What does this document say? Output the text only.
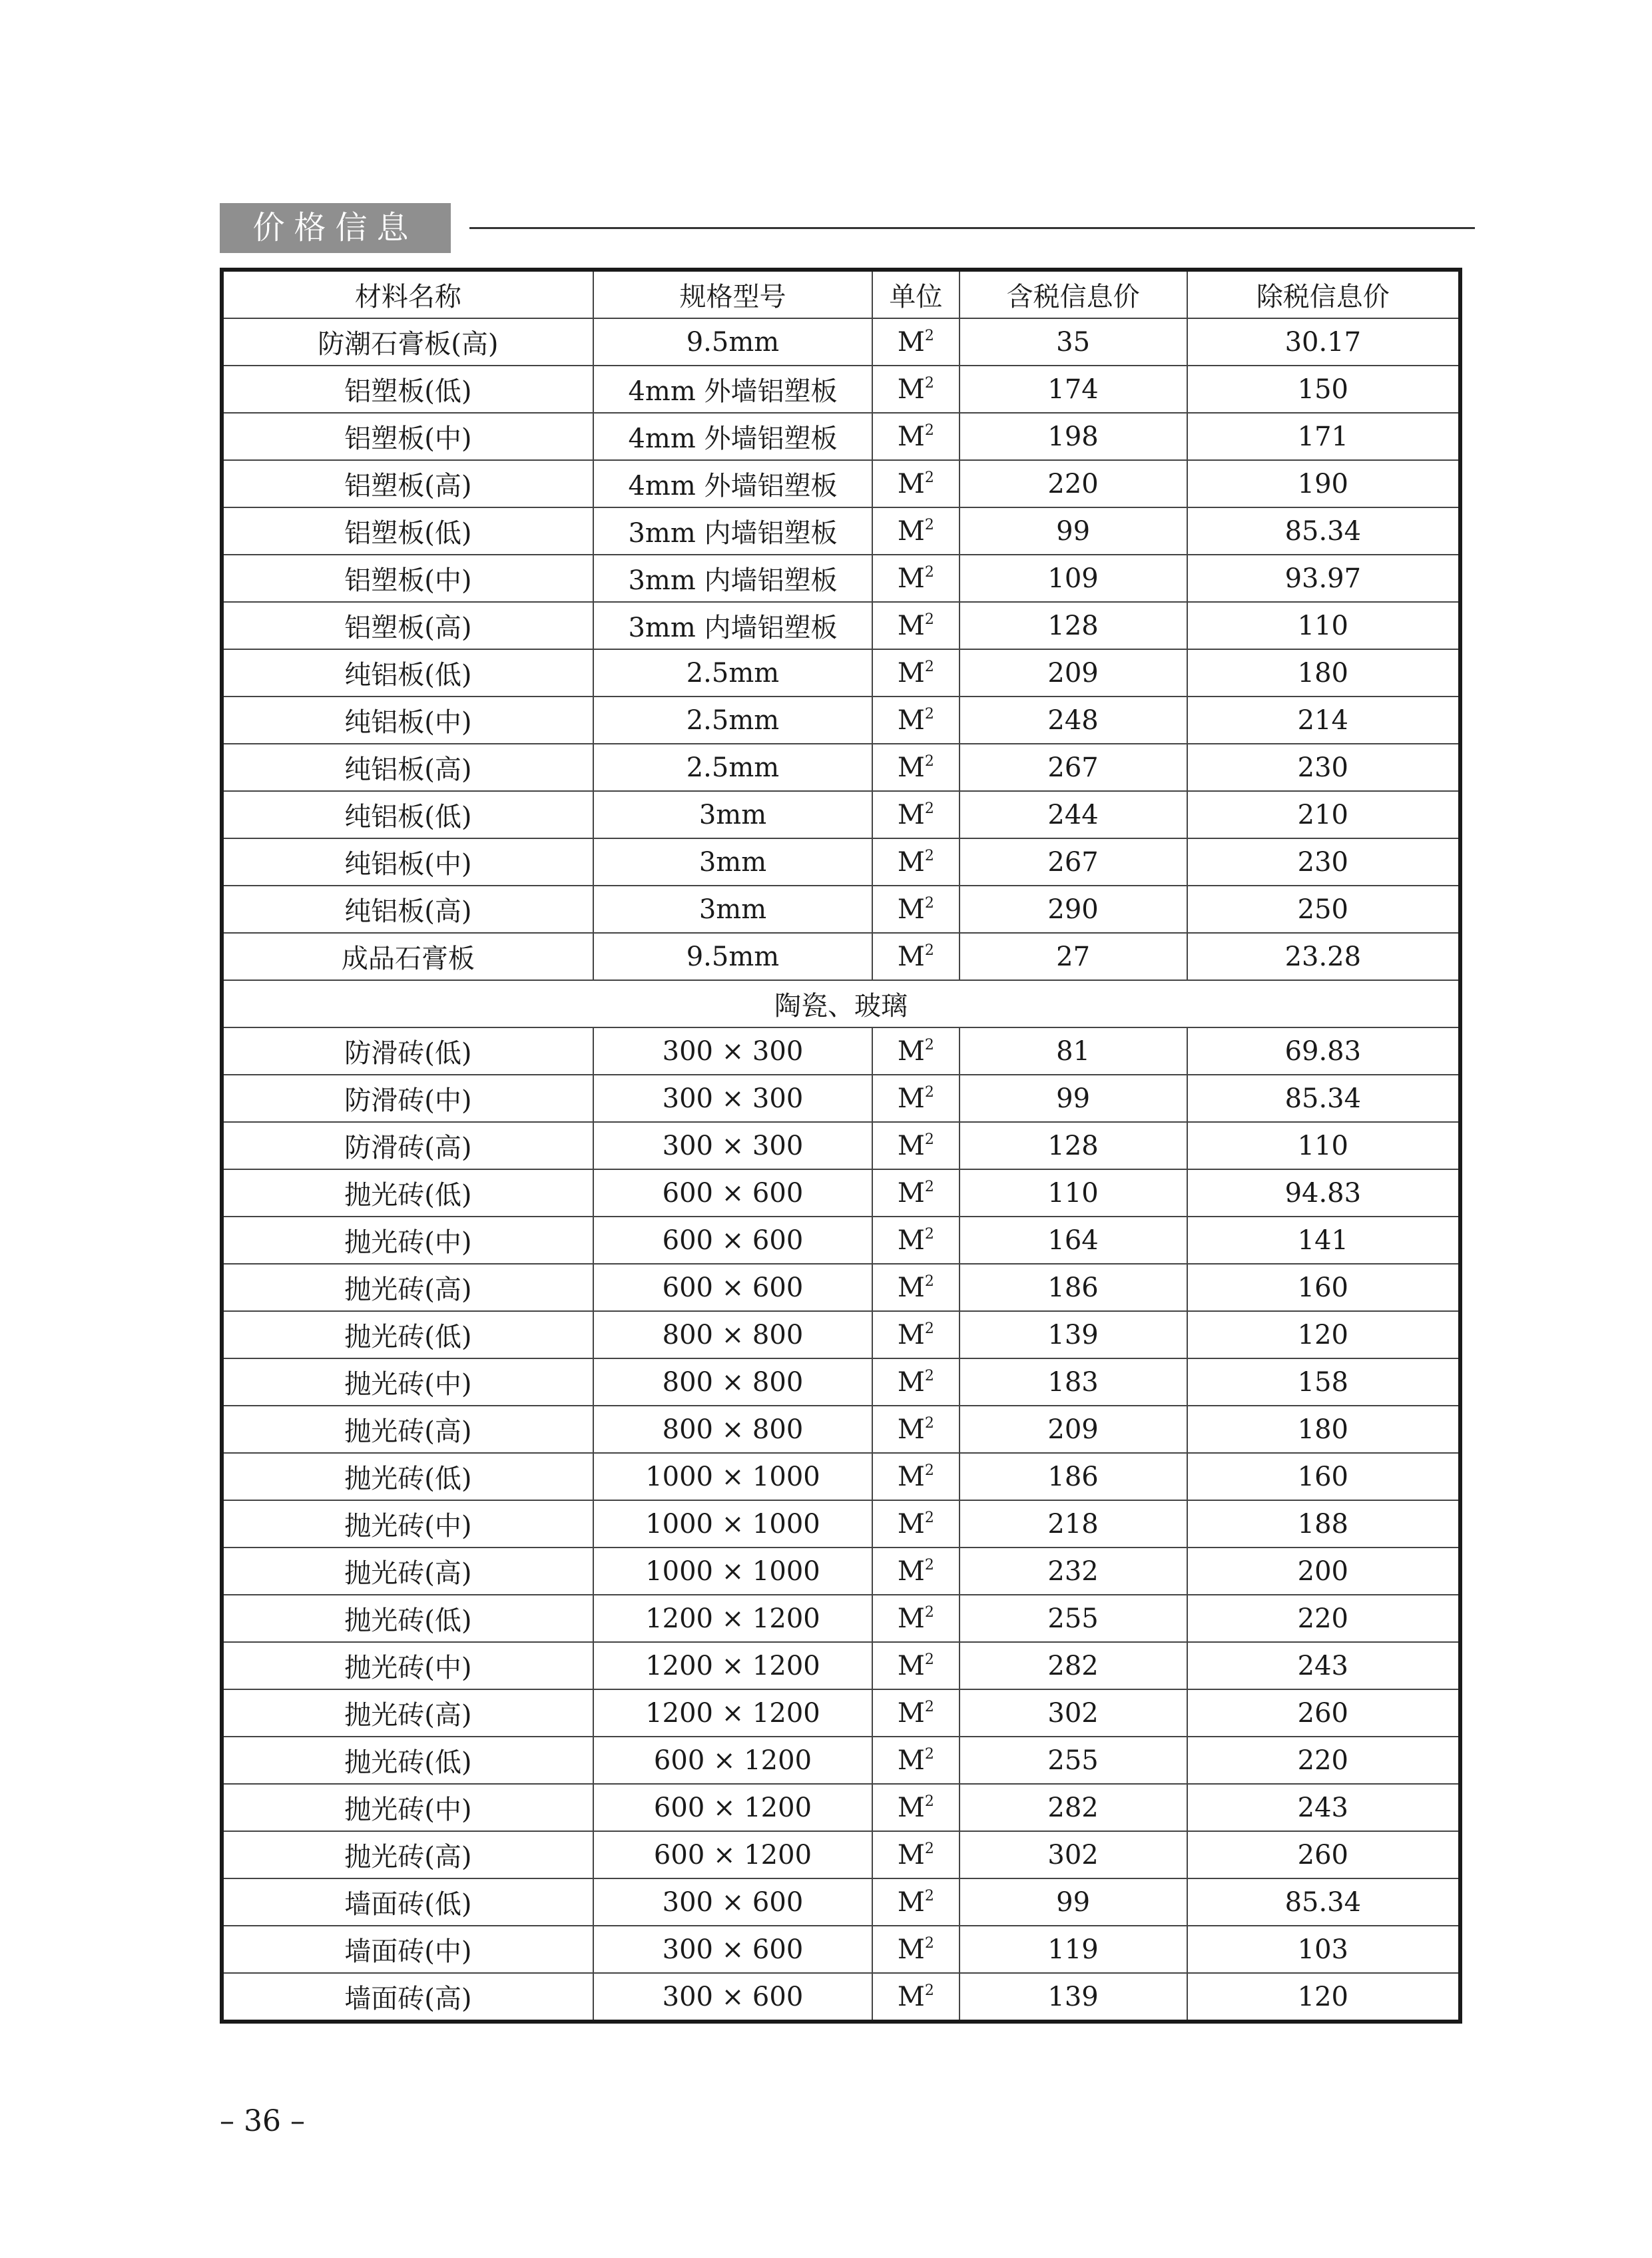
价格信息
材料名称	规格型号	单位	含税信息价	除税信息价
防潮石膏板(高)	9.5mm	$M^2$	35	30.17
铝塑板(低)	4mm 外墙铝塑板	$M^2$	174	150
铝塑板(中)	4mm 外墙铝塑板	$M^2$	198	171
铝塑板(高)	4mm 外墙铝塑板	$M^2$	220	190
铝塑板(低)	3mm 内墙铝塑板	$M^2$	99	85.34
铝塑板(中)	3mm 内墙铝塑板	$M^2$	109	93.97
铝塑板(高)	3mm 内墙铝塑板	$M^2$	128	110
纯铝板(低)	2.5mm	$M^2$	209	180
纯铝板(中)	2.5mm	$M^2$	248	214
纯铝板(高)	2.5mm	$M^2$	267	230
纯铝板(低)	3mm	$M^2$	244	210
纯铝板(中)	3mm	$M^2$	267	230
纯铝板(高)	3mm	$M^2$	290	250
成品石膏板	9.5mm	$M^2$	27	23.28
陶瓷、玻璃				
防滑砖(低)	300 × 300	$M^2$	81	69.83
防滑砖(中)	300 × 300	$M^2$	99	85.34
防滑砖(高)	300 × 300	$M^2$	128	110
抛光砖(低)	600 × 600	$M^2$	110	94.83
抛光砖(中)	600 × 600	$M^2$	164	141
抛光砖(高)	600 × 600	$M^2$	186	160
抛光砖(低)	800 × 800	$M^2$	139	120
抛光砖(中)	800 × 800	$M^2$	183	158
抛光砖(高)	800 × 800	$M^2$	209	180
抛光砖(低)	1000 × 1000	$M^2$	186	160
抛光砖(中)	1000 × 1000	$M^2$	218	188
抛光砖(高)	1000 × 1000	$M^2$	232	200
抛光砖(低)	1200 × 1200	$M^2$	255	220
抛光砖(中)	1200 × 1200	$M^2$	282	243
抛光砖(高)	1200 × 1200	$M^2$	302	260
抛光砖(低)	600 × 1200	$M^2$	255	220
抛光砖(中)	600 × 1200	$M^2$	282	243
抛光砖(高)	600 × 1200	$M^2$	302	260
墙面砖(低)	300 × 600	$M^2$	99	85.34
墙面砖(中)	300 × 600	$M^2$	119	103
墙面砖(高)	300 × 600	$M^2$	139	120
– 36 –
